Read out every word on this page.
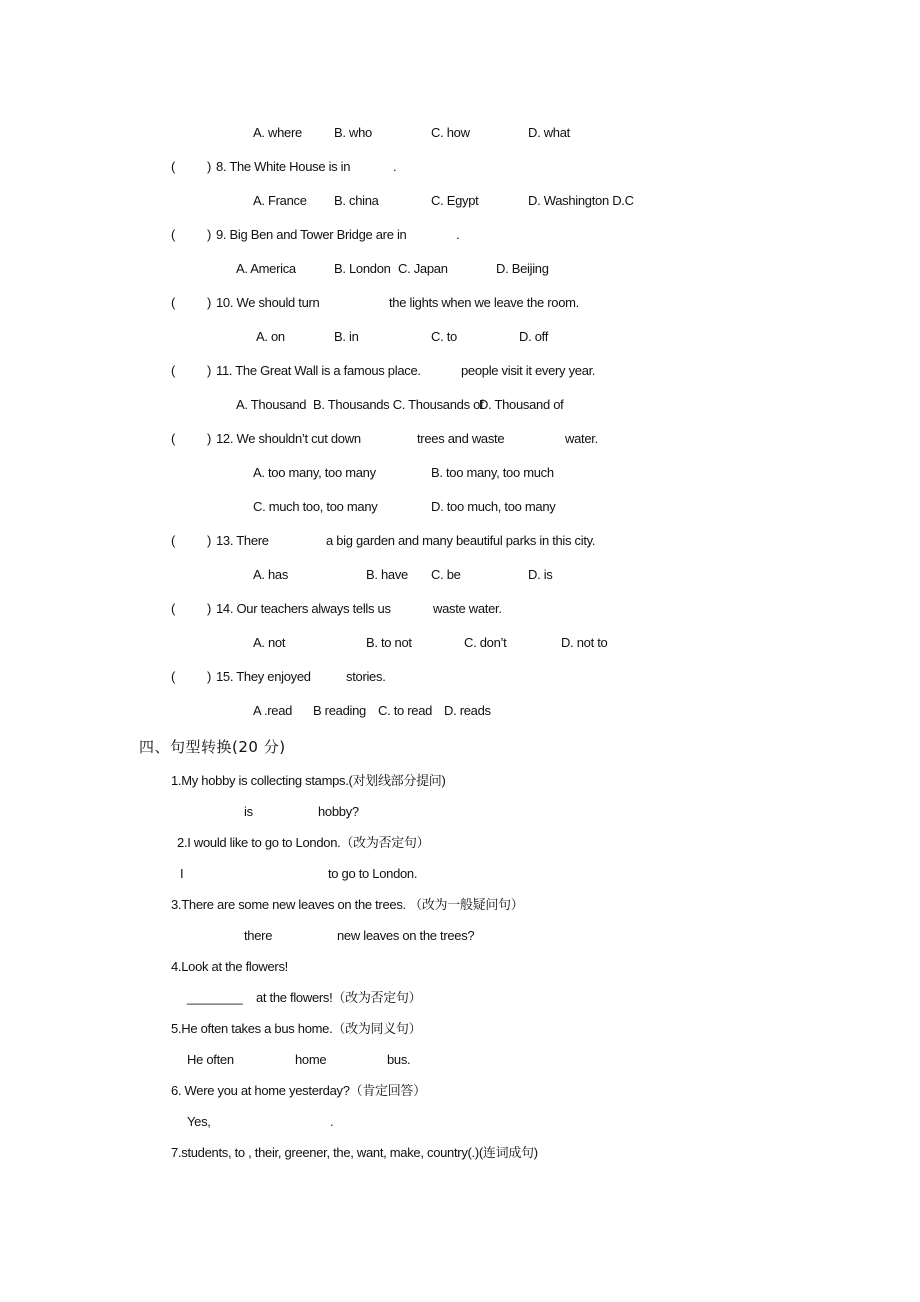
A. where B. who	C. how	D. what
( ) 8. The White House is in	.
A. France B. china	C. Egypt	D. Washington D.C
( ) 9. Big Ben and Tower Bridge are in	.
A. America	B. London C. Japan	D. Beijing
( ) 10. We should turn	the lights when we leave the room.
A. on	B. in	C. to	D. off
( ) 11. The Great Wall is a famous place.	people visit it every year.
A. Thousand B. Thousands C. Thousands of
D. Thousand of
( ) 12. We shouldn’t cut down	trees and waste	water.
A. too many, too many	B. too many, too much
C. much too, too many	D. too much, too many
( ) 13. There	a big garden and many beautiful parks in this city.
A. has	B. have C. be	D. is
( ) 14. Our teachers always tells us	waste water.
A. not	B. to not	C. don’t	D. not to
( ) 15. They enjoyed	stories.
A .read B reading C. to read D. reads
四、句型转换(20 分)
1.My hobby is collecting stamps.(对划线部分提问)
is	hobby?
2.I would like to go to London.（改为否定句）
I	to go to London.
3.There are some new leaves on the trees. （改为一般疑问句）
there	new leaves on the trees?
4.Look at the flowers!
________ at the flowers!（改为否定句）
5.He often takes a bus home.（改为同义句）
He often	home	bus.
6. Were you at home yesterday?（肯定回答）
Yes,	.
7.students, to , their, greener, the, want, make, country(.)(连词成句)
